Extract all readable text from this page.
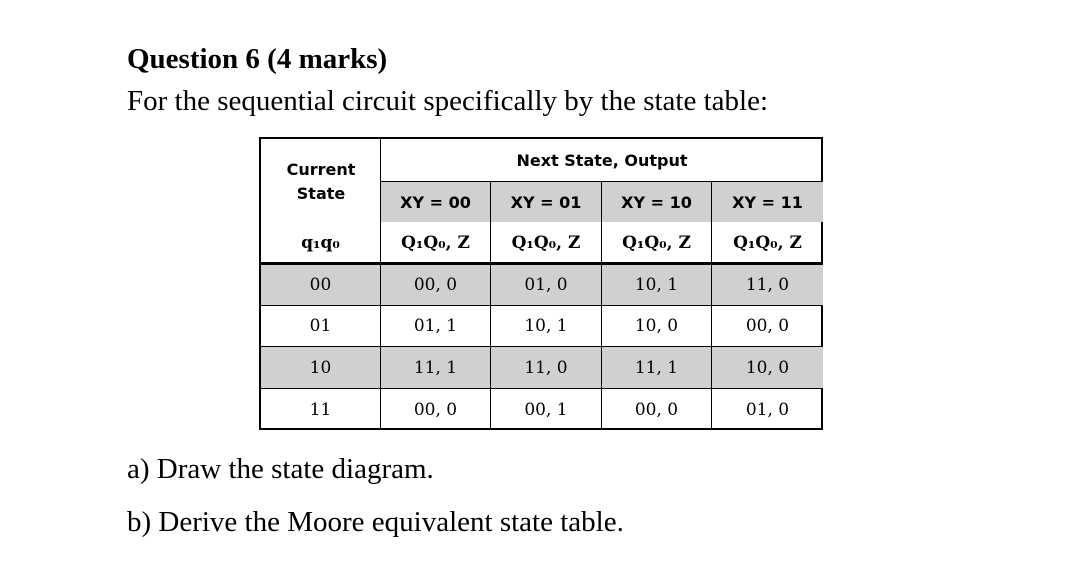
Question 6 (4 marks)
For the sequential circuit specifically by the state table:
Current State
Next State, Output
XY = 00	XY = 01	XY = 10	XY = 11
q₁q₀	Q₁Q₀, Z	Q₁Q₀, Z	Q₁Q₀, Z	Q₁Q₀, Z
00	00, 0	01, 0	10, 1	11, 0
01	01, 1	10, 1	10, 0	00, 0
10	11, 1	11, 0	11, 1	10, 0
11	00, 0	00, 1	00, 0	01, 0
a) Draw the state diagram.
b) Derive the Moore equivalent state table.
